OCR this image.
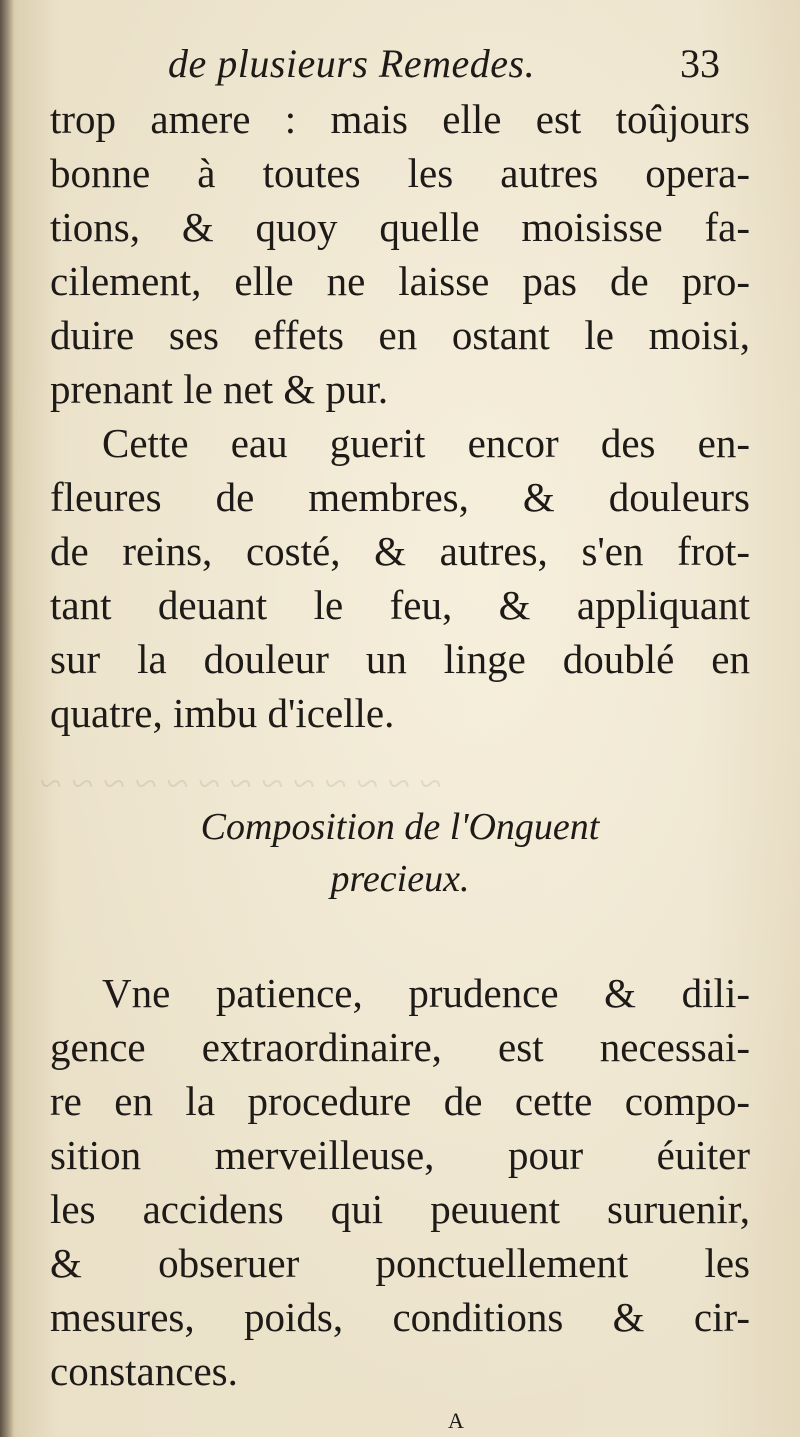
~ ~ ~ ~ ~ ~ ~ ~ ~ ~ ~ ~ ~
de plusieurs Remedes.	33
trop amere : mais elle est toûjours
bonne à toutes les autres opera-
tions, & quoy quelle moisisse fa-
cilement, elle ne laisse pas de pro-
duire ses effets en ostant le moisi,
prenant le net & pur.
Cette eau guerit encor des en-
fleures de membres, & douleurs
de reins, costé, & autres, s'en frot-
tant deuant le feu, & appliquant
sur la douleur un linge doublé en
quatre, imbu d'icelle.
Composition de l'Onguent
precieux.
Vne patience, prudence & dili-
gence extraordinaire, est necessai-
re en la procedure de cette compo-
sition merveilleuse, pour éuiter
les accidens qui peuuent suruenir,
& obseruer ponctuellement les
mesures, poids, conditions & cir-
constances.
A
